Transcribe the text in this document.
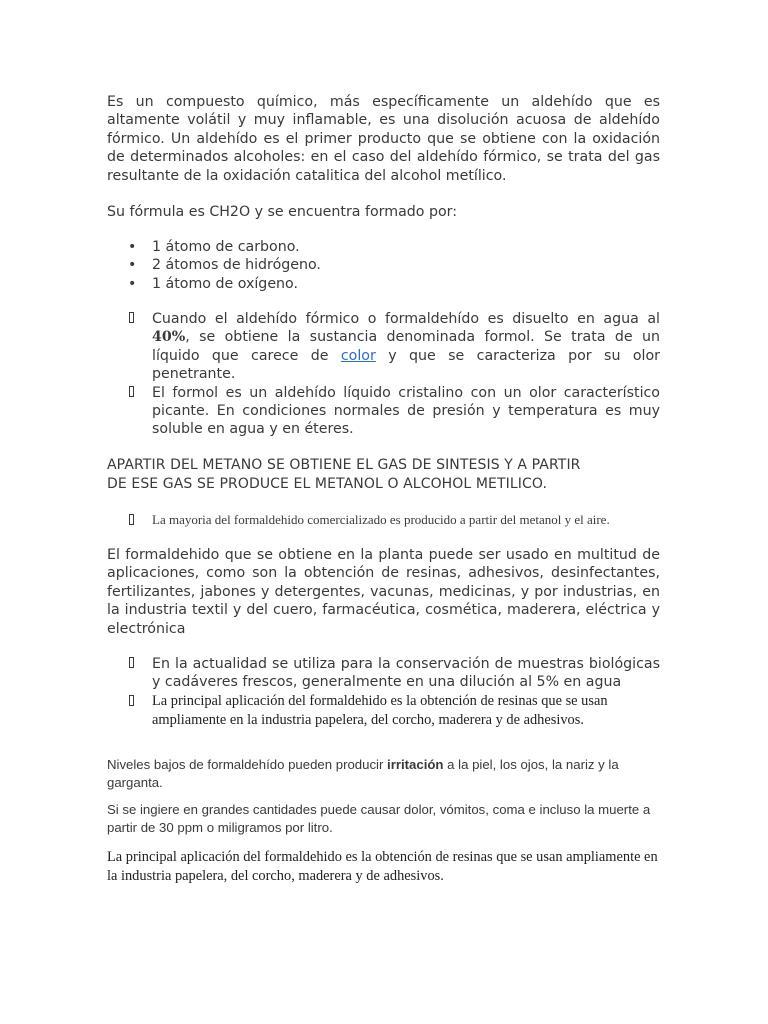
Es un compuesto químico, más específicamente un aldehído que es altamente volátil y muy inflamable, es una disolución acuosa de aldehído fórmico. Un aldehído es el primer producto que se obtiene con la oxidación de determinados alcoholes: en el caso del aldehído fórmico, se trata del gas resultante de la oxidación catalitica del alcohol metílico.

Su fórmula es CH2O y se encuentra formado por:

• 1 átomo de carbono.
• 2 átomos de hidrógeno.
• 1 átomo de oxígeno.
Cuando el aldehído fórmico o formaldehído es disuelto en agua al 40%, se obtiene la sustancia denominada formol. Se trata de un líquido que carece de color y que se caracteriza por su olor penetrante.
El formol es un aldehído líquido cristalino con un olor característico picante. En condiciones normales de presión y temperatura es muy soluble en agua y en éteres.
APARTIR DEL METANO SE OBTIENE EL GAS DE SINTESIS Y A PARTIR
DE ESE GAS SE PRODUCE EL METANOL O ALCOHOL METILICO.
La mayoria del formaldehido comercializado es producido a partir del metanol y el aire.

El formaldehido que se obtiene en la planta puede ser usado en multitud de aplicaciones, como son la obtención de resinas, adhesivos, desinfectantes, fertilizantes, jabones y detergentes, vacunas, medicinas, y por industrias, en la industria textil y del cuero, farmacéutica, cosmética, maderera, eléctrica y electrónica

En la actualidad se utiliza para la conservación de muestras biológicas y cadáveres frescos, generalmente en una dilución al 5% en agua
La principal aplicación del formaldehido es la obtención de resinas que se usan ampliamente en la industria papelera, del corcho, maderera y de adhesivos.

Niveles bajos de formaldehído pueden producir irritación a la piel, los ojos, la nariz y la garganta.

Si se ingiere en grandes cantidades puede causar dolor, vómitos, coma e incluso la muerte a partir de 30 ppm o miligramos por litro.

La principal aplicación del formaldehido es la obtención de resinas que se usan ampliamente en la industria papelera, del corcho, maderera y de adhesivos.
